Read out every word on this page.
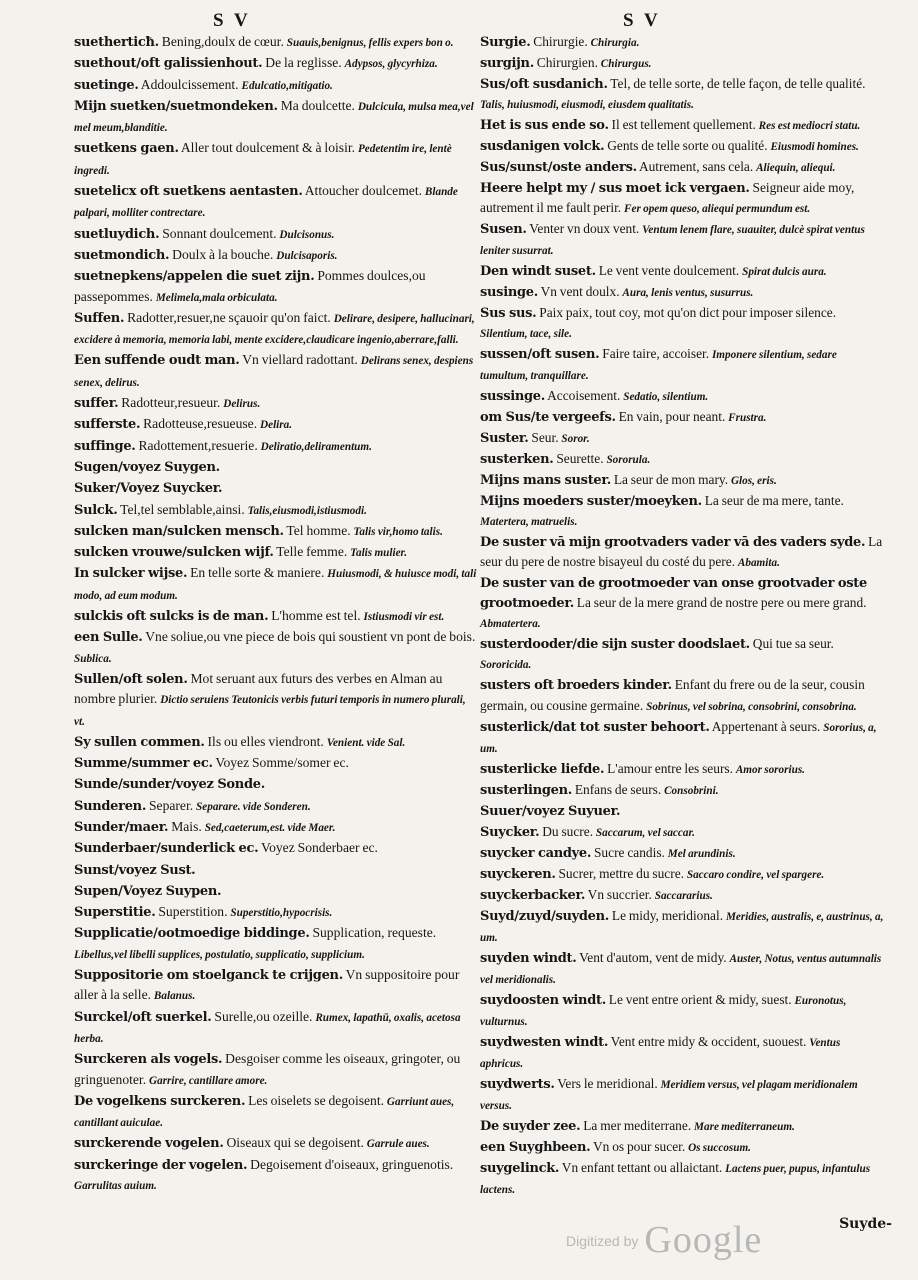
S V	S V
suetherticħ. Bening,doulx de cœur. Suauis,benignus, fellis expers bon o.
suethout/oft galissienhout. De la reglisse. Adypsos, glycyrhiza.
suetinge. Addoulcissement. Edulcatio,mitigatio.
Mijn suetken/suetmondeken. Ma doulcette. Dulcicula, mulsa mea,vel mel meum,blanditie.
suetkens gaen. Aller tout doulcement & à loisir. Pedetentim ire, lentè ingredi.
suetelicx oft suetkens aentasten. Attoucher doulcemet. Blande palpari, molliter contrectare.
suetluydich. Sonnant doulcement. Dulcisonus.
suetmondich. Doulx à la bouche. Dulcisaporis.
suetnepkens/appelen die suet zijn. Pommes doulces,ou passepommes. Melimela,mala orbiculata.
Suffen. Radotter,resuer,ne sçauoir qu'on faict. Delirare, desipere, hallucinari, excidere à memoria, memoria labi, mente excidere,claudicare ingenio,aberrare,falli.
Een suffende oudt man. Vn viellard radottant. Delirans senex, despiens senex, delirus.
suffer. Radotteur,resueur. Delirus.
sufferste. Radotteuse,resueuse. Delira.
suffinge. Radottement,resuerie. Deliratio,deliramentum.
Sugen/voyez Suygen.
Suker/Voyez Suycker.
Sulck. Tel,tel semblable,ainsi. Talis,eiusmodi,istiusmodi.
sulcken man/sulcken mensch. Tel homme. Talis vir,homo talis.
sulcken vrouwe/sulcken wijf. Telle femme. Talis mulier.
In sulcker wijse. En telle sorte & maniere. Huiusmodi, & huiusce modi, tali modo, ad eum modum.
sulckis oft sulcks is de man. L'homme est tel. Istiusmodi vir est.
een Sulle. Vne soliue,ou vne piece de bois qui soustient vn pont de bois. Sublica.
Sullen/oft solen. Mot seruant aux futurs des verbes en Alman au nombre plurier. Dictio seruiens Teutonicis verbis futuri temporis in numero plurali, vt.
Sy sullen commen. Ils ou elles viendront. Venient. vide Sal.
Summe/summer ec. Voyez Somme/somer ec.
Sunde/sunder/voyez Sonde.
Sunderen. Separer. Separare. vide Sonderen.
Sunder/maer. Mais. Sed,caeterum,est. vide Maer.
Sunderbaer/sunderlick ec. Voyez Sonderbaer ec.
Sunst/voyez Sust.
Supen/Voyez Suypen.
Superstitie. Superstition. Superstitio,hypocrisis.
Supplicatie/ootmoedige biddinge. Supplication, requeste. Libellus,vel libelli supplices, postulatio, supplicatio, supplicium.
Suppositorie om stoelganck te crijgen. Vn suppositoire pour aller à la selle. Balanus.
Surckel/oft suerkel. Surelle,ou ozeille. Rumex, lapathū, oxalis, acetosa herba.
Surckeren als vogels. Desgoiser comme les oiseaux, gringoter, ou gringuenoter. Garrire, cantillare amore.
De vogelkens surckeren. Les oiselets se degoisent. Garriunt aues, cantillant auiculae.
surckerende vogelen. Oiseaux qui se degoisent. Garrule aues.
surckeringe der vogelen. Degoisement d'oiseaux, gringuenotis. Garrulitas auium.
Surgie. Chirurgie. Chirurgia.
surgijn. Chirurgien. Chirurgus.
Sus/oft susdanich. Tel, de telle sorte, de telle façon, de telle qualité. Talis, huiusmodi, eiusmodi, eiusdem qualitatis.
Het is sus ende so. Il est tellement quellement. Res est mediocri statu.
susdanigen volck. Gents de telle sorte ou qualité. Eiusmodi homines.
Sus/sunst/oste anders. Autrement, sans cela. Aliequin, aliequi.
Heere helpt my / sus moet ick vergaen. Seigneur aide moy, autrement il me fault perir. Fer opem queso, aliequi permundum est.
Susen. Venter vn doux vent. Ventum lenem flare, suauiter, dulcè spirat ventus leniter susurrat.
Den windt suset. Le vent vente doulcement. Spirat dulcis aura.
susinge. Vn vent doulx. Aura, lenis ventus, susurrus.
Sus sus. Paix paix, tout coy, mot qu'on dict pour imposer silence. Silentium, tace, sile.
sussen/oft susen. Faire taire, accoiser. Imponere silentium, sedare tumultum, tranquillare.
sussinge. Accoisement. Sedatio, silentium.
om Sus/te vergeefs. En vain, pour neant. Frustra.
Suster. Seur. Soror.
susterken. Seurette. Sororula.
Mijns mans suster. La seur de mon mary. Glos, eris.
Mijns moeders suster/moeyken. La seur de ma mere, tante. Matertera, matruelis.
De suster vā mijn grootvaders vader vā des vaders syde. La seur du pere de nostre bisayeul du costé du pere. Abamita.
De suster van de grootmoeder van onse grootvader oste grootmoeder. La seur de la mere grand de nostre pere ou mere grand. Abmatertera.
susterdooder/die sijn suster doodslaet. Qui tue sa seur. Sororicida.
susters oft broeders kinder. Enfant du frere ou de la seur, cousin germain, ou cousine germaine. Sobrinus, vel sobrina, consobrini, consobrina.
susterlick/dat tot suster behoort. Appertenant à seurs. Sororius, a, um.
susterlicke liefde. L'amour entre les seurs. Amor sororius.
susterlingen. Enfans de seurs. Consobrini.
Suuer/voyez Suyuer.
Suycker. Du sucre. Saccarum, vel saccar.
suycker candye. Sucre candis. Mel arundinis.
suyckeren. Sucrer, mettre du sucre. Saccaro condire, vel spargere.
suyckerbacker. Vn succrier. Saccararius.
Suyd/zuyd/suyden. Le midy, meridional. Meridies, australis, e, austrinus, a, um.
suyden windt. Vent d'autom, vent de midy. Auster, Notus, ventus autumnalis vel meridionalis.
suydoosten windt. Le vent entre orient & midy, suest. Euronotus, vulturnus.
suydwesten windt. Vent entre midy & occident, suouest. Ventus aphricus.
suydwerts. Vers le meridional. Meridiem versus, vel plagam meridionalem versus.
De suyder zee. La mer mediterrane. Mare mediterraneum.
een Suyghbeen. Vn os pour sucer. Os succosum.
suygelinck. Vn enfant tettant ou allaictant. Lactens puer, pupus, infantulus lactens.
Suyde-
Digitized by Google
